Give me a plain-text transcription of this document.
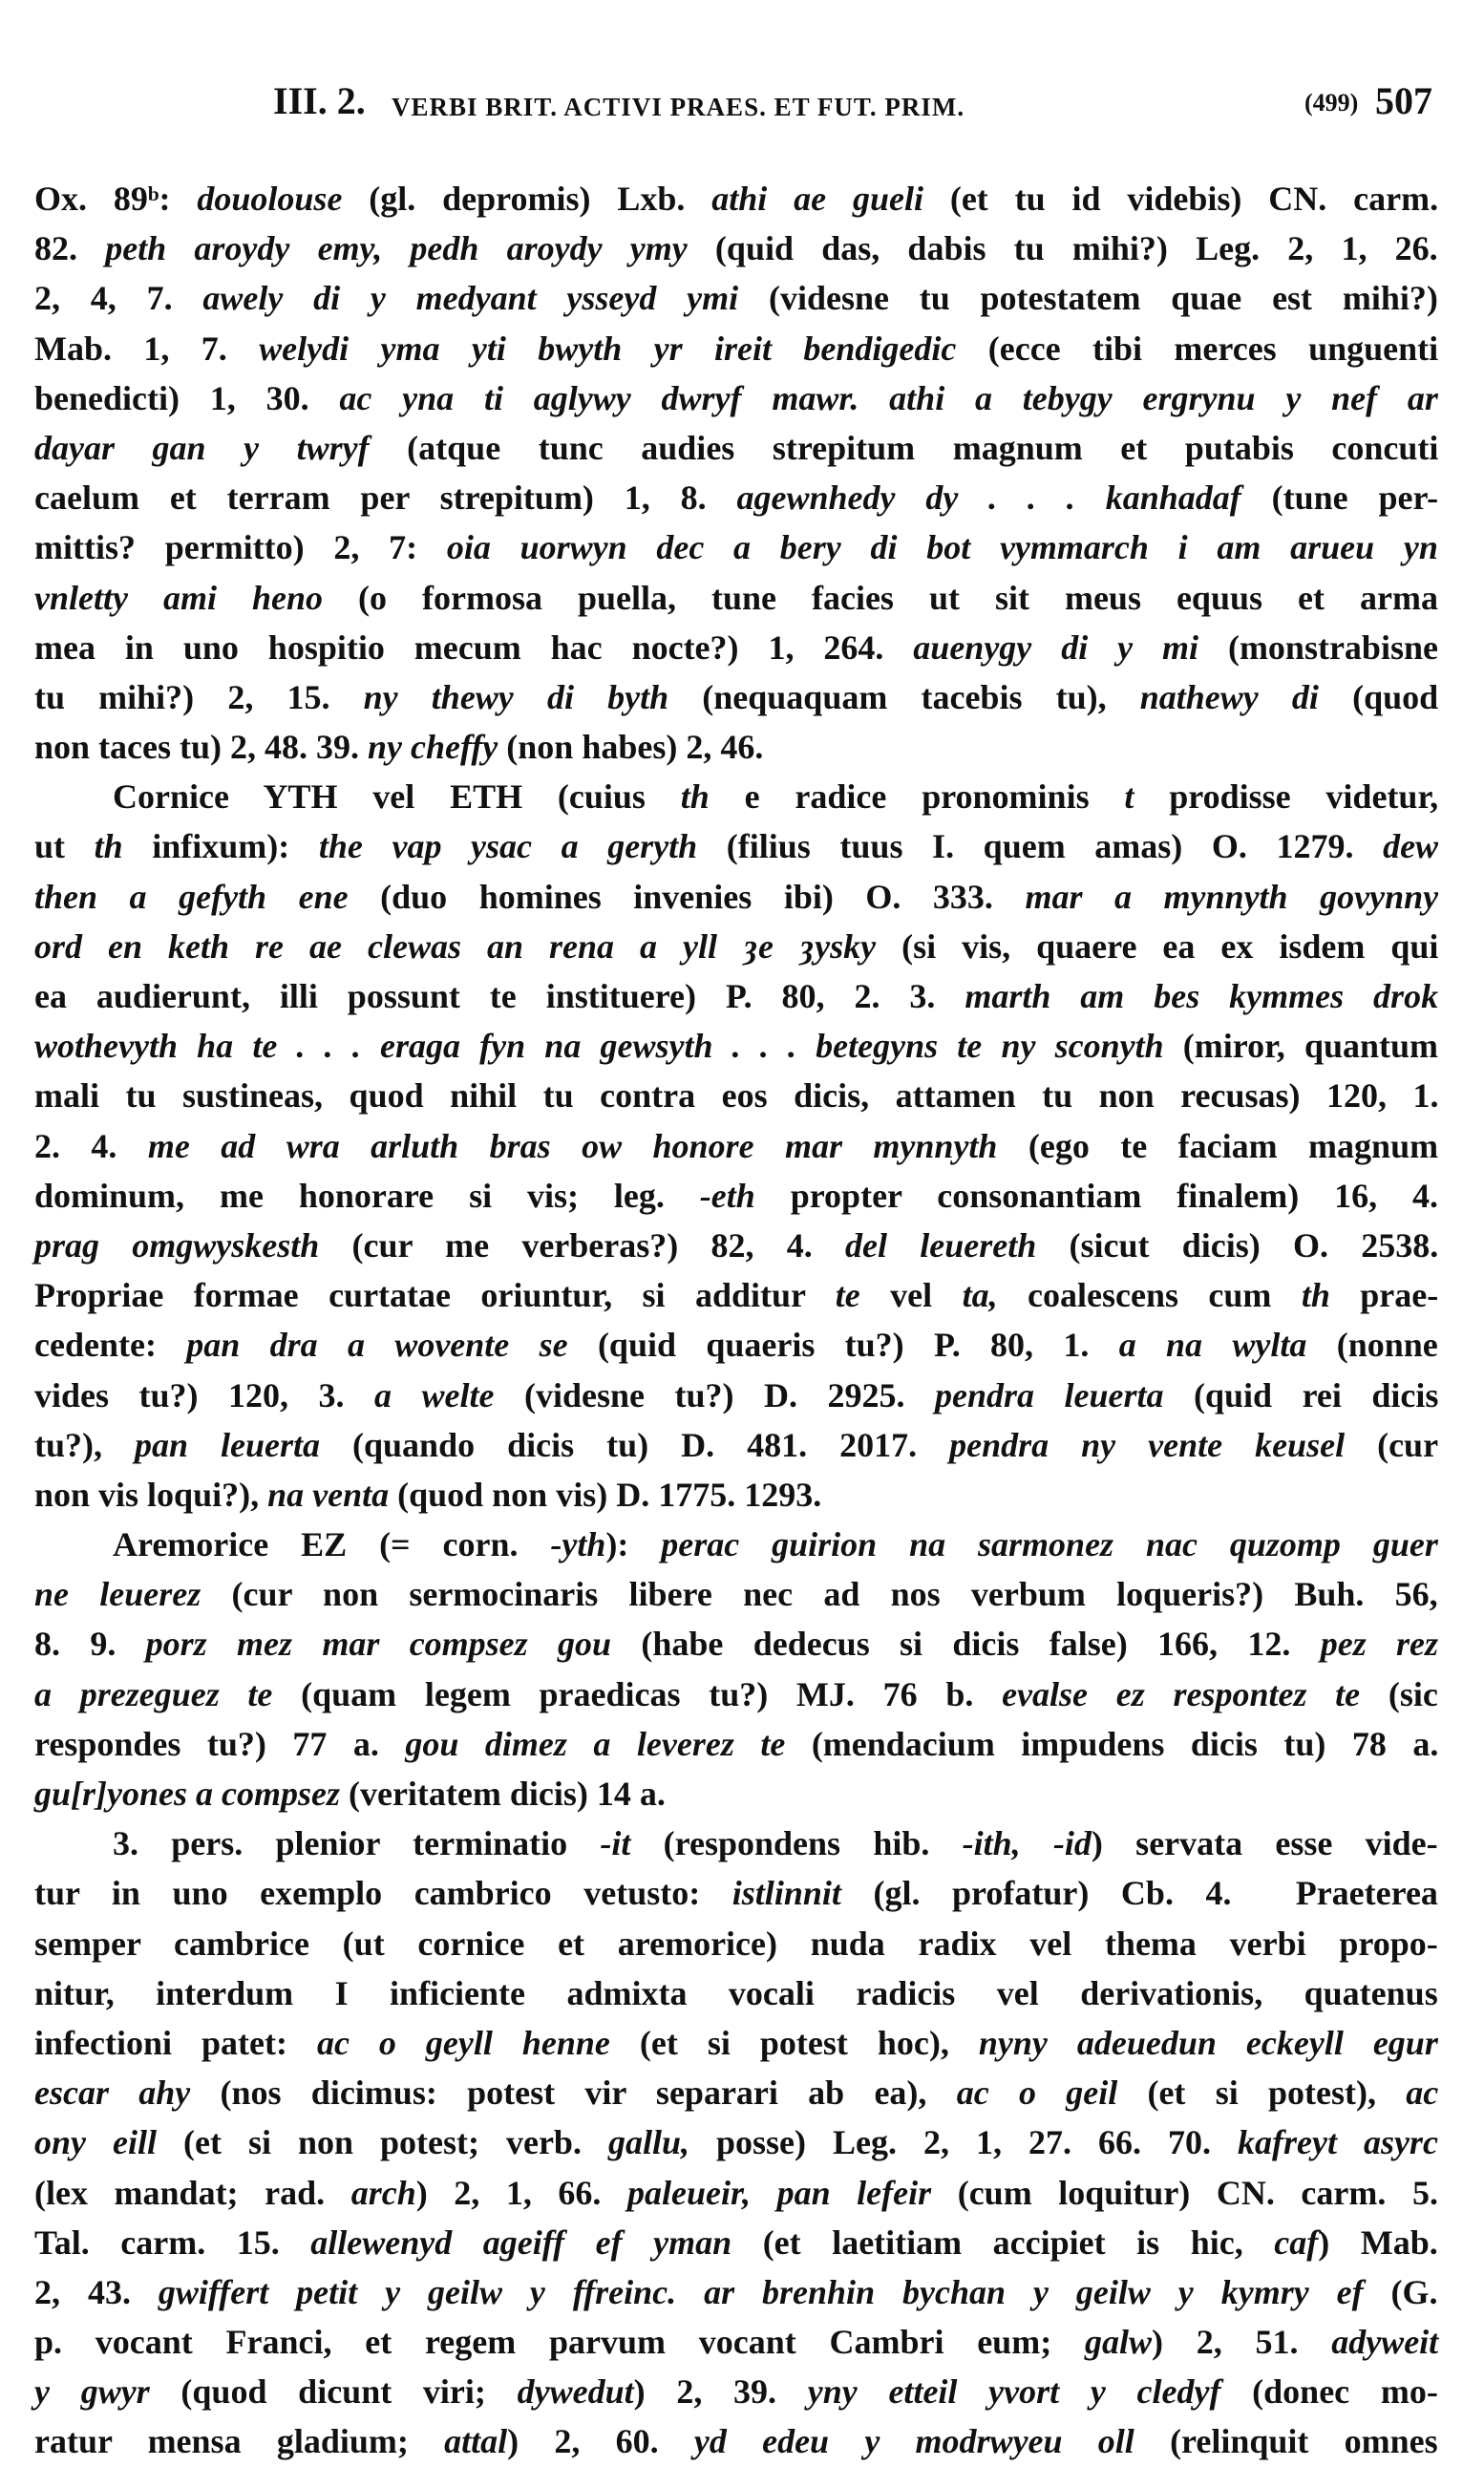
III. 2. VERBI BRIT. ACTIVI PRAES. ET FUT. PRIM.	(499) 507
Ox. 89ᵇ: douolouse (gl. depromis) Lxb. athi ae gueli (et tu id videbis) CN. carm.
82. peth aroydy emy, pedh aroydy ymy (quid das, dabis tu mihi?) Leg. 2, 1, 26.
2, 4, 7. awely di y medyant ysseyd ymi (videsne tu potestatem quae est mihi?)
Mab. 1, 7. welydi yma yti bwyth yr ireit bendigedic (ecce tibi merces unguenti
benedicti) 1, 30. ac yna ti aglywy dwryf mawr. athi a tebygy ergrynu y nef ar
dayar gan y twryf (atque tunc audies strepitum magnum et putabis concuti
caelum et terram per strepitum) 1, 8. agewnhedy dy . . . kanhadaf (tune per-
mittis? permitto) 2, 7: oia uorwyn dec a bery di bot vymmarch i am arueu yn
vnletty ami heno (o formosa puella, tune facies ut sit meus equus et arma
mea in uno hospitio mecum hac nocte?) 1, 264. auenygy di y mi (monstrabisne
tu mihi?) 2, 15. ny thewy di byth (nequaquam tacebis tu), nathewy di (quod
non taces tu) 2, 48. 39. ny cheffy (non habes) 2, 46.
Cornice YTH vel ETH (cuius th e radice pronominis t prodisse videtur,
ut th infixum): the vap ysac a geryth (filius tuus I. quem amas) O. 1279. dew
then a gefyth ene (duo homines invenies ibi) O. 333. mar a mynnyth govynny
ord en keth re ae clewas an rena a yll ȝe ȝysky (si vis, quaere ea ex isdem qui
ea audierunt, illi possunt te instituere) P. 80, 2. 3. marth am bes kymmes drok
wothevyth ha te . . . eraga fyn na gewsyth . . . betegyns te ny sconyth (miror, quantum
mali tu sustineas, quod nihil tu contra eos dicis, attamen tu non recusas) 120, 1.
2. 4. me ad wra arluth bras ow honore mar mynnyth (ego te faciam magnum
dominum, me honorare si vis; leg. -eth propter consonantiam finalem) 16, 4.
prag omgwyskesth (cur me verberas?) 82, 4. del leuereth (sicut dicis) O. 2538.
Propriae formae curtatae oriuntur, si additur te vel ta, coalescens cum th prae-
cedente: pan dra a wovente se (quid quaeris tu?) P. 80, 1. a na wylta (nonne
vides tu?) 120, 3. a welte (videsne tu?) D. 2925. pendra leuerta (quid rei dicis
tu?), pan leuerta (quando dicis tu) D. 481. 2017. pendra ny vente keusel (cur
non vis loqui?), na venta (quod non vis) D. 1775. 1293.
Aremorice EZ (= corn. -yth): perac guirion na sarmonez nac quzomp guer
ne leuerez (cur non sermocinaris libere nec ad nos verbum loqueris?) Buh. 56,
8. 9. porz mez mar compsez gou (habe dedecus si dicis false) 166, 12. pez rez
a prezeguez te (quam legem praedicas tu?) MJ. 76 b. evalse ez respontez te (sic
respondes tu?) 77 a. gou dimez a leverez te (mendacium impudens dicis tu) 78 a.
gu[r]yones a compsez (veritatem dicis) 14 a.
3. pers. plenior terminatio -it (respondens hib. -ith, -id) servata esse vide-
tur in uno exemplo cambrico vetusto: istlinnit (gl. profatur) Cb. 4.  Praeterea
semper cambrice (ut cornice et aremorice) nuda radix vel thema verbi propo-
nitur, interdum I inficiente admixta vocali radicis vel derivationis, quatenus
infectioni patet: ac o geyll henne (et si potest hoc), nyny adeuedun eckeyll egur
escar ahy (nos dicimus: potest vir separari ab ea), ac o geil (et si potest), ac
ony eill (et si non potest; verb. gallu, posse) Leg. 2, 1, 27. 66. 70. kafreyt asyrc
(lex mandat; rad. arch) 2, 1, 66. paleueir, pan lefeir (cum loquitur) CN. carm. 5.
Tal. carm. 15. allewenyd ageiff ef yman (et laetitiam accipiet is hic, caf) Mab.
2, 43. gwiffert petit y geilw y ffreinc. ar brenhin bychan y geilw y kymry ef (G.
p. vocant Franci, et regem parvum vocant Cambri eum; galw) 2, 51. adyweit
y gwyr (quod dicunt viri; dywedut) 2, 39. yny etteil yvort y cledyf (donec mo-
ratur mensa gladium; attal) 2, 60. yd edeu y modrwyeu oll (relinquit omnes
